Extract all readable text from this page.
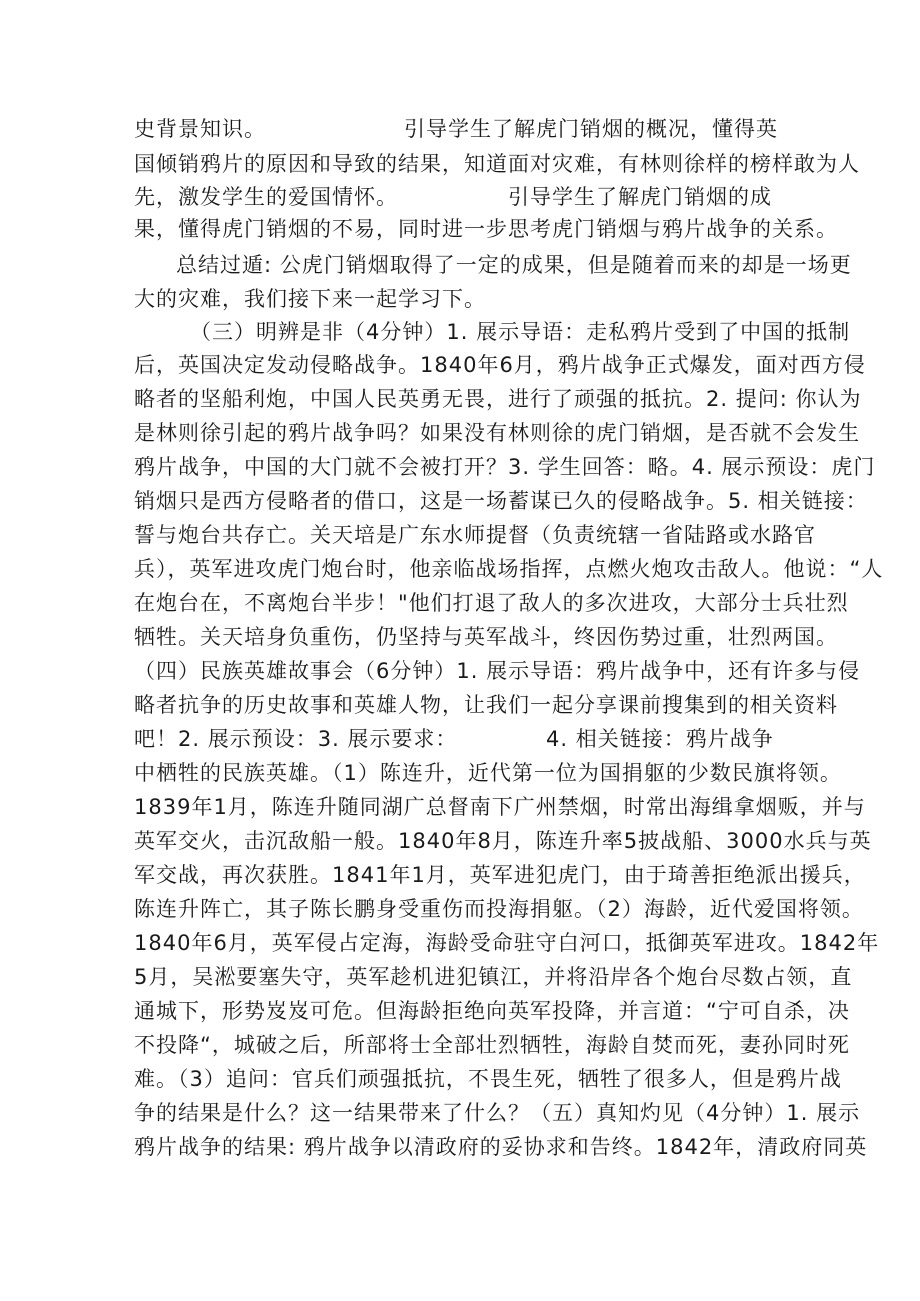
史背景知识。	引导学生了解虎门销烟的概况，懂得英
国倾销鸦片的原因和导致的结果，知道面对灾难，有林则徐样的榜样敢为人
先，激发学生的爱国情怀。	引导学生了解虎门销烟的成
果，懂得虎门销烟的不易，同时进一步思考虎门销烟与鸦片战争的关系。
总结过遁: 公虎门销烟取得了一定的成果，但是随着而来的却是一场更
大的灾难，我们接下来一起学习下。
（三）明辨是非（4分钟）1. 展示导语：走私鸦片受到了中国的抵制
后，英国决定发动侵略战争。1840年6月，鸦片战争正式爆发，面对西方侵
略者的坚船利炮，中国人民英勇无畏，进行了顽强的抵抗。2. 提问: 你认为
是林则徐引起的鸦片战争吗？如果没有林则徐的虎门销烟，是否就不会发生
鸦片战争，中国的大门就不会被打开？3. 学生回答：略。4. 展示预设：虎门
销烟只是西方侵略者的借口，这是一场蓄谋已久的侵略战争。5. 相关链接：
誓与炮台共存亡。关天培是广东水师提督（负责统辖一省陆路或水路官
兵），英军进攻虎门炮台时，他亲临战场指挥，点燃火炮攻击敌人。他说：“人
在炮台在，不离炮台半步！"他们打退了敌人的多次进攻，大部分士兵壮烈
牺牲。关天培身负重伤，仍坚持与英军战斗，终因伤势过重，壮烈两国。
（四）民族英雄故事会（6分钟）1. 展示导语：鸦片战争中，还有许多与侵
略者抗争的历史故事和英雄人物，让我们一起分享课前搜集到的相关资料
吧！2. 展示预设：3. 展示要求：	4. 相关链接：鸦片战争
中栖牲的民族英雄。（1）陈连升，近代第一位为国捐躯的少数民旗将领。
1839年1月，陈连升随同湖广总督南下广州禁烟，时常出海缉拿烟贩，并与
英军交火，击沉敌船一般。1840年8月，陈连升率5披战船、3000水兵与英
军交战，再次获胜。1841年1月，英军进犯虎门，由于琦善拒绝派出援兵，
陈连升阵亡，其子陈长鹏身受重伤而投海捐躯。（2）海龄，近代爱国将领。
1840年6月，英军侵占定海，海龄受命驻守白河口，抵御英军进攻。1842年
5月，吴淞要塞失守，英军趁机进犯镇江，并将沿岸各个炮台尽数占领，直
通城下，形势岌岌可危。但海龄拒绝向英军投降，并言道：“宁可自杀，决
不投降“，城破之后，所部将士全部壮烈牺牲，海龄自焚而死，妻孙同时死
难。（3）追问：官兵们顽强抵抗，不畏生死，牺牲了很多人，但是鸦片战
争的结果是什么？这一结果带来了什么？（五）真知灼见（4分钟）1. 展示
鸦片战争的结果: 鸦片战争以清政府的妥协求和告终。1842年，清政府同英
